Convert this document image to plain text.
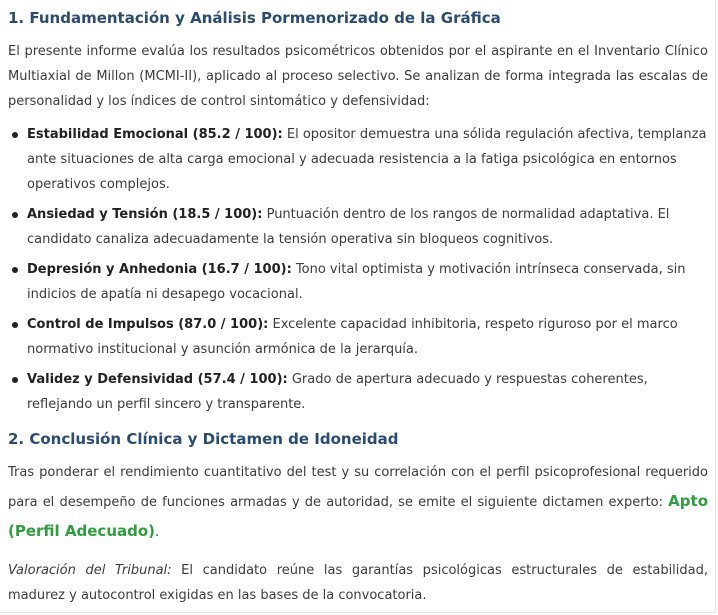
1. Fundamentación y Análisis Pormenorizado de la Gráfica

El presente informe evalúa los resultados psicométricos obtenidos por el aspirante en el Inventario Clínico Multiaxial de Millon (MCMI-II), aplicado al proceso selectivo. Se analizan de forma integrada las escalas de personalidad y los índices de control sintomático y defensividad:

Estabilidad Emocional (85.2 / 100): El opositor demuestra una sólida regulación afectiva, templanza ante situaciones de alta carga emocional y adecuada resistencia a la fatiga psicológica en entornos operativos complejos.
Ansiedad y Tensión (18.5 / 100): Puntuación dentro de los rangos de normalidad adaptativa. El candidato canaliza adecuadamente la tensión operativa sin bloqueos cognitivos.
Depresión y Anhedonia (16.7 / 100): Tono vital optimista y motivación intrínseca conservada, sin indicios de apatía ni desapego vocacional.
Control de Impulsos (87.0 / 100): Excelente capacidad inhibitoria, respeto riguroso por el marco normativo institucional y asunción armónica de la jerarquía.
Validez y Defensividad (57.4 / 100): Grado de apertura adecuado y respuestas coherentes, reflejando un perfil sincero y transparente.
2. Conclusión Clínica y Dictamen de Idoneidad

Tras ponderar el rendimiento cuantitativo del test y su correlación con el perfil psicoprofesional requerido para el desempeño de funciones armadas y de autoridad, se emite el siguiente dictamen experto: Apto (Perfil Adecuado).

Valoración del Tribunal: El candidato reúne las garantías psicológicas estructurales de estabilidad, madurez y autocontrol exigidas en las bases de la convocatoria.
